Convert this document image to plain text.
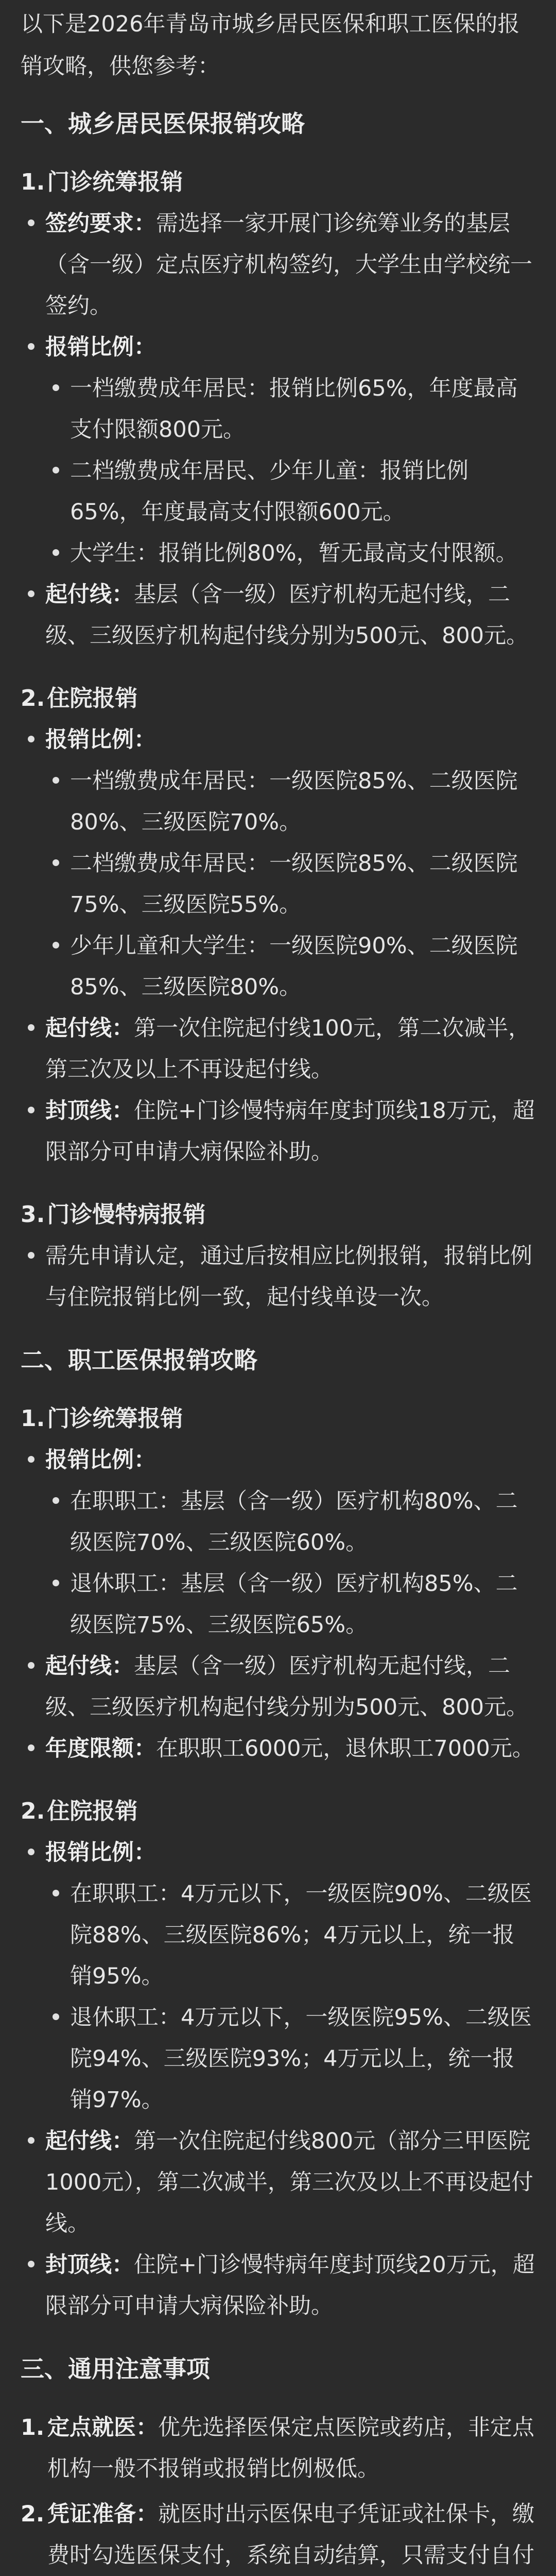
以下是2026年青岛市城乡居民医保和职工医保的报销攻略，供您参考：

一、城乡居民医保报销攻略
1.门诊统筹报销
签约要求：需选择一家开展门诊统筹业务的基层（含一级）定点医疗机构签约，大学生由学校统一签约。
报销比例：
一档缴费成年居民：报销比例65%，年度最高支付限额800元。
二档缴费成年居民、少年儿童：报销比例65%，年度最高支付限额600元。
大学生：报销比例80%，暂无最高支付限额。
起付线：基层（含一级）医疗机构无起付线，二级、三级医疗机构起付线分别为500元、800元。
2.住院报销
报销比例：
一档缴费成年居民：一级医院85%、二级医院80%、三级医院70%。
二档缴费成年居民：一级医院85%、二级医院75%、三级医院55%。
少年儿童和大学生：一级医院90%、二级医院85%、三级医院80%。
起付线：第一次住院起付线100元，第二次减半，第三次及以上不再设起付线。
封顶线：住院+门诊慢特病年度封顶线18万元，超限部分可申请大病保险补助。
3.门诊慢特病报销
需先申请认定，通过后按相应比例报销，报销比例与住院报销比例一致，起付线单设一次。
二、职工医保报销攻略
1.门诊统筹报销
报销比例：
在职职工：基层（含一级）医疗机构80%、二级医院70%、三级医院60%。
退休职工：基层（含一级）医疗机构85%、二级医院75%、三级医院65%。
起付线：基层（含一级）医疗机构无起付线，二级、三级医疗机构起付线分别为500元、800元。
年度限额：在职职工6000元，退休职工7000元。
2.住院报销
报销比例：
在职职工：4万元以下，一级医院90%、二级医院88%、三级医院86%；4万元以上，统一报销95%。
退休职工：4万元以下，一级医院95%、二级医院94%、三级医院93%；4万元以上，统一报销97%。
起付线：第一次住院起付线800元（部分三甲医院1000元），第二次减半，第三次及以上不再设起付线。
封顶线：住院+门诊慢特病年度封顶线20万元，超限部分可申请大病保险补助。
三、通用注意事项
1. 定点就医：优先选择医保定点医院或药店，非定点机构一般不报销或报销比例极低。
2. 凭证准备：就医时出示医保电子凭证或社保卡，缴费时勾选医保支付，系统自动结算，只需支付自付
